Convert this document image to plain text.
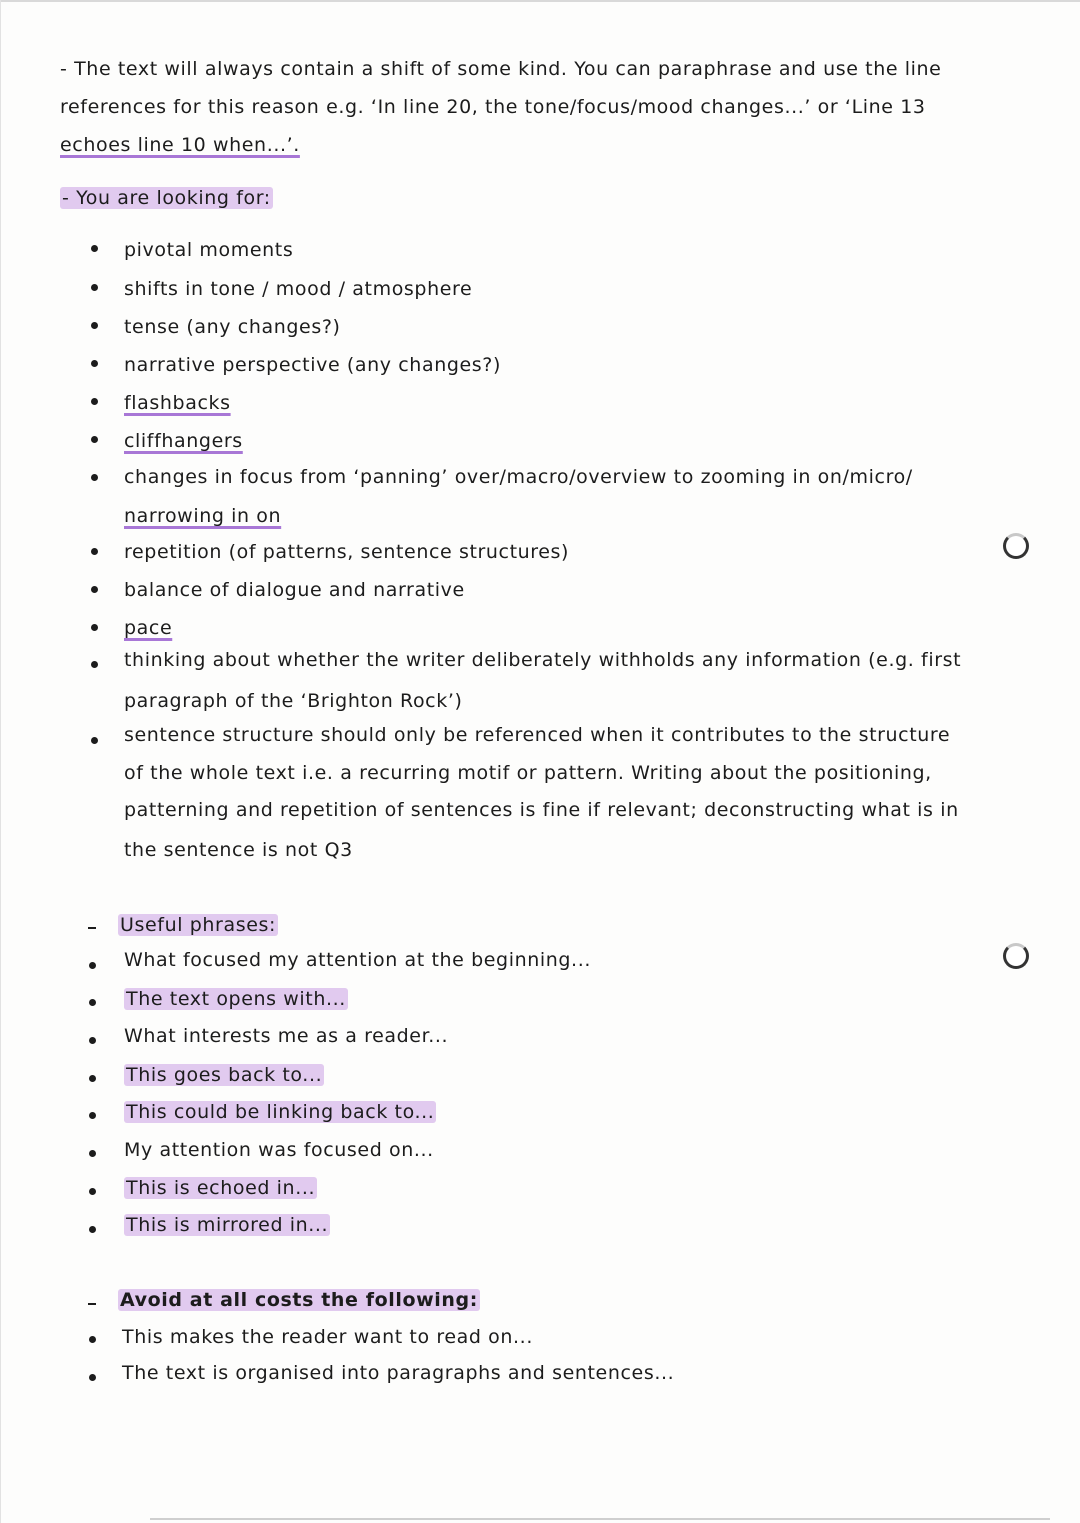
- The text will always contain a shift of some kind. You can paraphrase and use the line
references for this reason e.g. ‘In line 20, the tone/focus/mood changes...’ or ‘Line 13
echoes line 10 when...’.
- You are looking for:
pivotal moments
shifts in tone / mood / atmosphere
tense (any changes?)
narrative perspective (any changes?)
flashbacks
cliffhangers
changes in focus from ‘panning’ over/macro/overview to zooming in on/micro/
narrowing in on
repetition (of patterns, sentence structures)
balance of dialogue and narrative
pace
thinking about whether the writer deliberately withholds any information (e.g. first
paragraph of the ‘Brighton Rock’)
sentence structure should only be referenced when it contributes to the structure
of the whole text i.e. a recurring motif or pattern. Writing about the positioning,
patterning and repetition of sentences is fine if relevant; deconstructing what is in
the sentence is not Q3
Useful phrases:
What focused my attention at the beginning...
The text opens with...
What interests me as a reader...
This goes back to...
This could be linking back to...
My attention was focused on...
This is echoed in...
This is mirrored in...
Avoid at all costs the following:
This makes the reader want to read on...
The text is organised into paragraphs and sentences...
